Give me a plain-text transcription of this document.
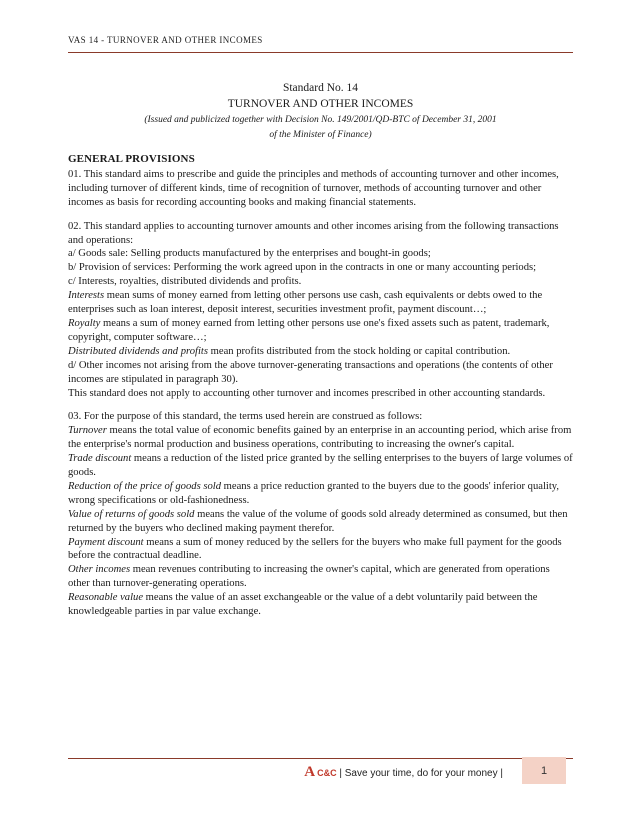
VAS 14 - TURNOVER AND OTHER INCOMES
Standard No. 14
TURNOVER AND OTHER INCOMES
(Issued and publicized together with Decision No. 149/2001/QD-BTC of December 31, 2001
of the Minister of Finance)
GENERAL PROVISIONS

01. This standard aims to prescribe and guide the principles and methods of accounting turnover and other incomes, including turnover of different kinds, time of recognition of turnover, methods of accounting turnover and other incomes as basis for recording accounting books and making financial statements.

02. This standard applies to accounting turnover amounts and other incomes arising from the following transactions and operations:

a/ Goods sale: Selling products manufactured by the enterprises and bought-in goods;

b/ Provision of services: Performing the work agreed upon in the contracts in one or many accounting periods;

c/ Interests, royalties, distributed dividends and profits.

Interests mean sums of money earned from letting other persons use cash, cash equivalents or debts owed to the enterprises such as loan interest, deposit interest, securities investment profit, payment discount…;

Royalty means a sum of money earned from letting other persons use one's fixed assets such as patent, trademark, copyright, computer software…;

Distributed dividends and profits mean profits distributed from the stock holding or capital contribution.

d/ Other incomes not arising from the above turnover-generating transactions and operations (the contents of other incomes are stipulated in paragraph 30).

This standard does not apply to accounting other turnover and incomes prescribed in other accounting standards.

03. For the purpose of this standard, the terms used herein are construed as follows:

Turnover means the total value of economic benefits gained by an enterprise in an accounting period, which arise from the enterprise's normal production and business operations, contributing to increasing the owner's capital.

Trade discount means a reduction of the listed price granted by the selling enterprises to the buyers of large volumes of goods.

Reduction of the price of goods sold means a price reduction granted to the buyers due to the goods' inferior quality, wrong specifications or old-fashionedness.

Value of returns of goods sold means the value of the volume of goods sold already determined as consumed, but then returned by the buyers who declined making payment therefor.

Payment discount means a sum of money reduced by the sellers for the buyers who make full payment for the goods before the contractual deadline.

Other incomes mean revenues contributing to increasing the owner's capital, which are generated from operations other than turnover-generating operations.

Reasonable value means the value of an asset exchangeable or the value of a debt voluntarily paid between the knowledgeable parties in par value exchange.

A C&C | Save your time, do for your money |	1
